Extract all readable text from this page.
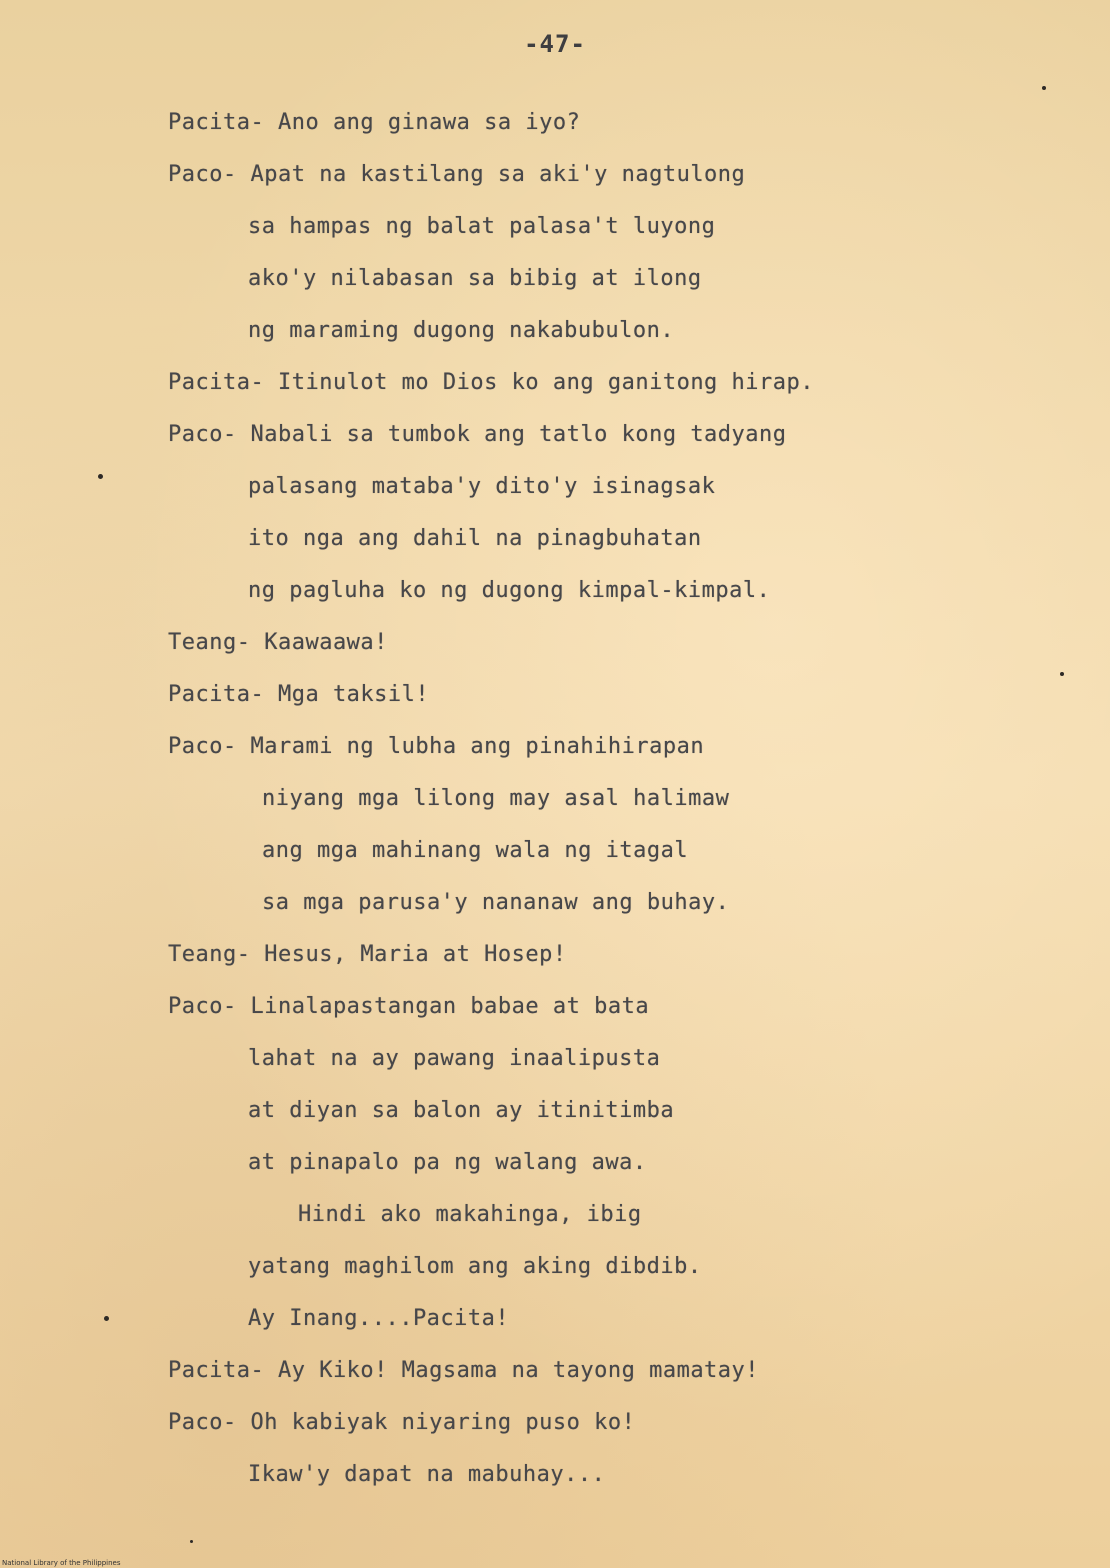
-47-
Pacita- Ano ang ginawa sa iyo?
Paco- Apat na kastilang sa aki'y nagtulong
sa hampas ng balat palasa't luyong
ako'y nilabasan sa bibig at ilong
ng maraming dugong nakabubulon.
Pacita- Itinulot mo Dios ko ang ganitong hirap.
Paco- Nabali sa tumbok ang tatlo kong tadyang
palasang mataba'y dito'y isinagsak
ito nga ang dahil na pinagbuhatan
ng pagluha ko ng dugong kimpal-kimpal.
Teang- Kaawaawa!
Pacita- Mga taksil!
Paco- Marami ng lubha ang pinahihirapan
niyang mga lilong may asal halimaw
ang mga mahinang wala ng itagal
sa mga parusa'y nananaw ang buhay.
Teang- Hesus, Maria at Hosep!
Paco- Linalapastangan babae at bata
lahat na ay pawang inaalipusta
at diyan sa balon ay itinitimba
at pinapalo pa ng walang awa.
Hindi ako makahinga, ibig
yatang maghilom ang aking dibdib.
Ay Inang....Pacita!
Pacita- Ay Kiko! Magsama na tayong mamatay!
Paco- Oh kabiyak niyaring puso ko!
Ikaw'y dapat na mabuhay...
National Library of the Philippines
